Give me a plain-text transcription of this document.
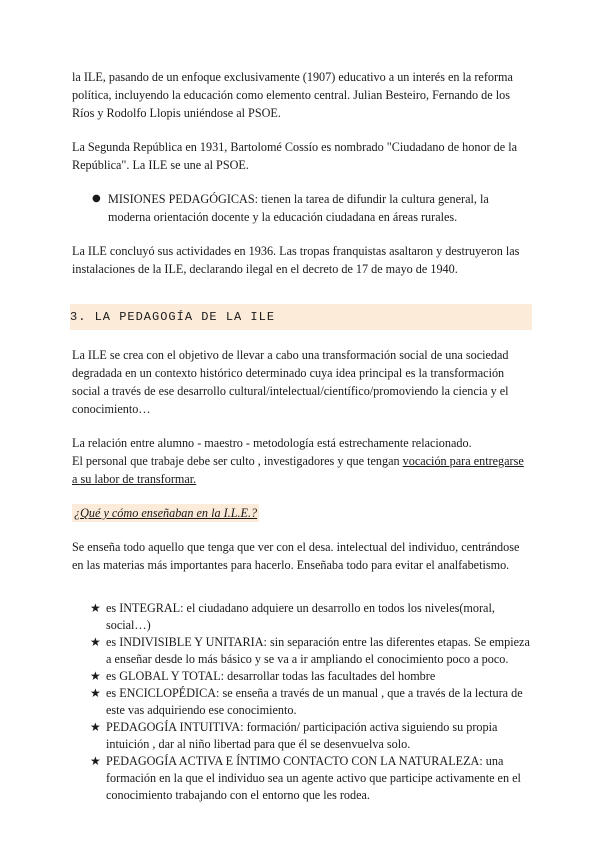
la ILE, pasando de un enfoque exclusivamente (1907) educativo a un interés en la reforma política, incluyendo la educación como elemento central. Julian Besteiro, Fernando de los Ríos y Rodolfo Llopis uniéndose al PSOE.

La Segunda República en 1931, Bartolomé Cossío es nombrado "Ciudadano de honor de la República". La ILE se une al PSOE.

● MISIONES PEDAGÓGICAS: tienen la tarea de difundir la cultura general, la moderna orientación docente y la educación ciudadana en áreas rurales.

La ILE concluyó sus actividades en 1936. Las tropas franquistas asaltaron y destruyeron las instalaciones de la ILE, declarando ilegal en el decreto de 17 de mayo de 1940.

3. LA PEDAGOGÍA DE LA ILE

La ILE se crea con el objetivo de llevar a cabo una transformación social de una sociedad degradada en un contexto histórico determinado cuya idea principal es la transformación social a través de ese desarrollo cultural/intelectual/científico/promoviendo la ciencia y el conocimiento…

La relación entre alumno - maestro - metodología está estrechamente relacionado.
El personal que trabaje debe ser culto , investigadores y que tengan vocación para entregarse a su labor de transformar.

¿Qué y cómo enseñaban en la I.L.E.?

Se enseña todo aquello que tenga que ver con el desa. intelectual del individuo, centrándose en las materias más importantes para hacerlo. Enseñaba todo para evitar el analfabetismo.

★ es INTEGRAL: el ciudadano adquiere un desarrollo en todos los niveles(moral, social…)
★ es INDIVISIBLE Y UNITARIA: sin separación entre las diferentes etapas. Se empieza a enseñar desde lo más básico y se va a ir ampliando el conocimiento poco a poco.
★ es GLOBAL Y TOTAL: desarrollar todas las facultades del hombre
★ es ENCICLOPÉDICA: se enseña a través de un manual , que a través de la lectura de este vas adquiriendo ese conocimiento.
★ PEDAGOGÍA INTUITIVA: formación/ participación activa siguiendo su propia intuición , dar al niño libertad para que él se desenvuelva solo.
★ PEDAGOGÍA ACTIVA E ÍNTIMO CONTACTO CON LA NATURALEZA: una formación en la que el individuo sea un agente activo que participe activamente en el conocimiento trabajando con el entorno que les rodea.
